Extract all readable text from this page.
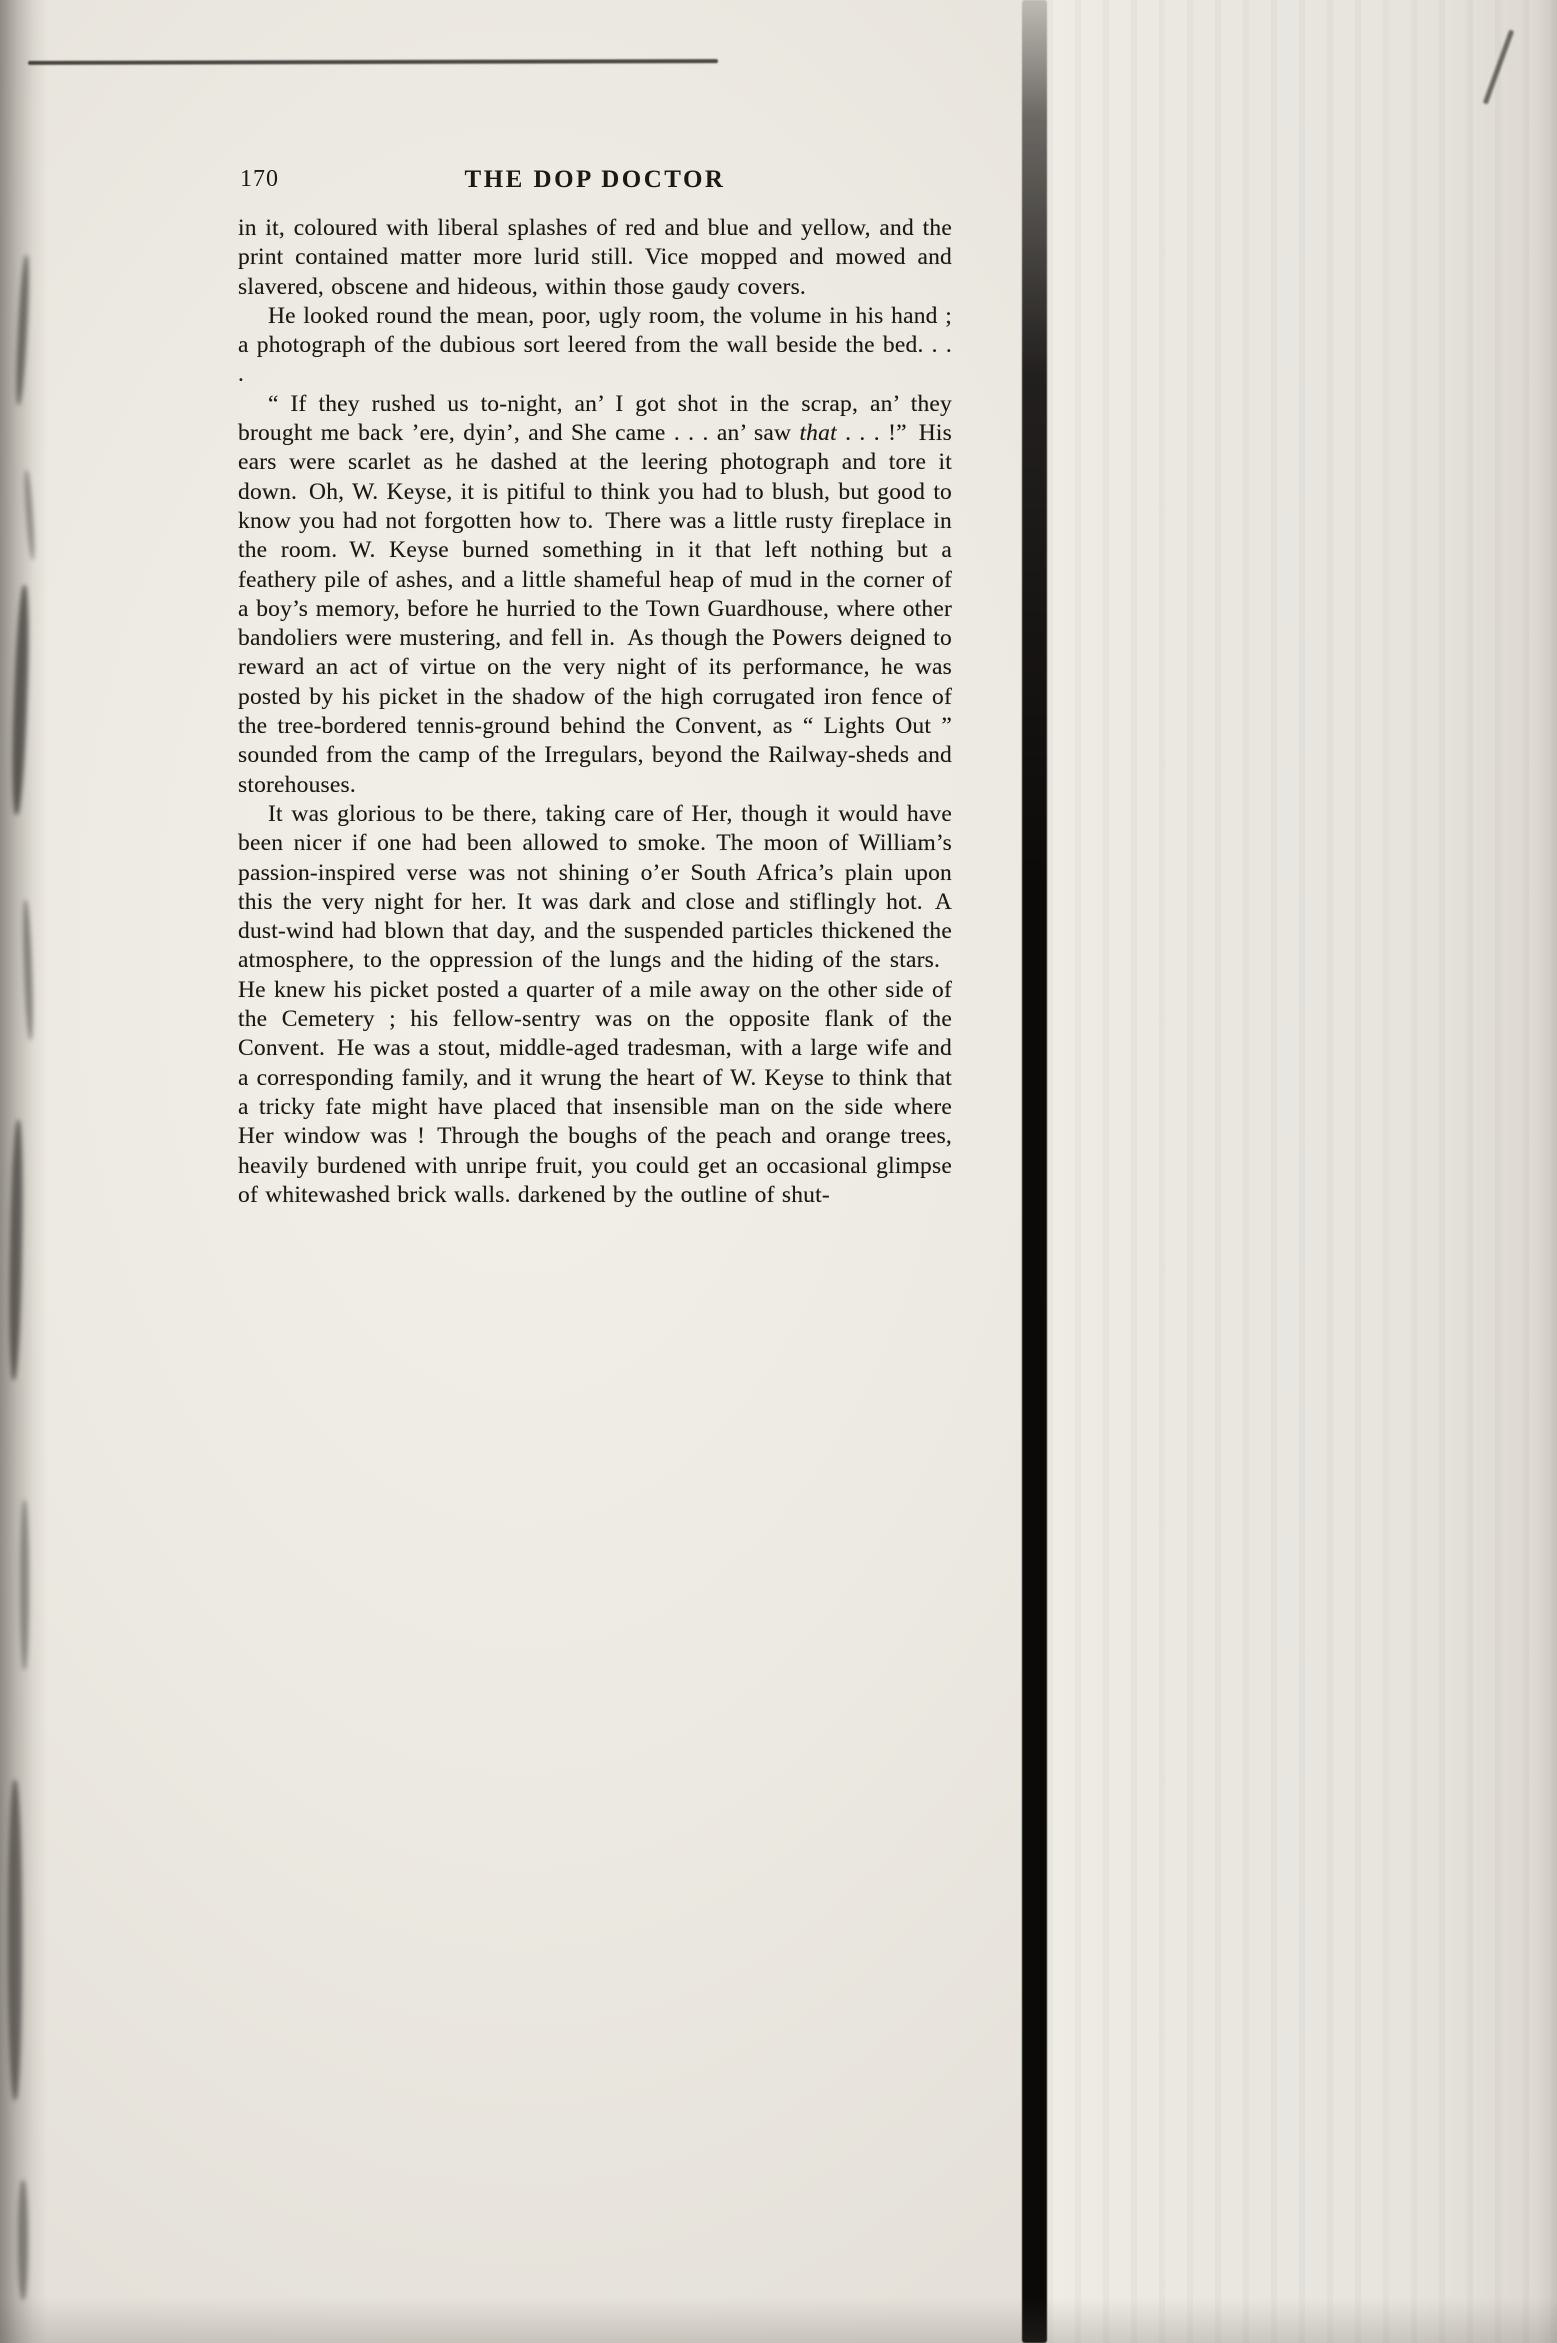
170	THE DOP DOCTOR

in it, coloured with liberal splashes of red and blue and yellow, and the print contained matter more lurid still. Vice mopped and mowed and slavered, obscene and hideous, within those gaudy covers.

He looked round the mean, poor, ugly room, the volume in his hand ; a photograph of the dubious sort leered from the wall beside the bed. . . .

“ If they rushed us to-night, an’ I got shot in the scrap, an’ they brought me back ’ere, dyin’, and She came . . . an’ saw that . . . !” His ears were scarlet as he dashed at the leering photograph and tore it down. Oh, W. Keyse, it is pitiful to think you had to blush, but good to know you had not forgotten how to. There was a little rusty fireplace in the room. W. Keyse burned something in it that left nothing but a feathery pile of ashes, and a little shameful heap of mud in the corner of a boy’s memory, before he hurried to the Town Guardhouse, where other bandoliers were mustering, and fell in. As though the Powers deigned to reward an act of virtue on the very night of its performance, he was posted by his picket in the shadow of the high corrugated iron fence of the tree-bordered tennis-ground behind the Convent, as “ Lights Out ” sounded from the camp of the Irregulars, beyond the Railway-sheds and storehouses.

It was glorious to be there, taking care of Her, though it would have been nicer if one had been allowed to smoke. The moon of William’s passion-inspired verse was not shining o’er South Africa’s plain upon this the very night for her. It was dark and close and stiflingly hot. A dust-wind had blown that day, and the suspended particles thickened the atmosphere, to the oppression of the lungs and the hiding of the stars. He knew his picket posted a quarter of a mile away on the other side of the Cemetery ; his fellow-sentry was on the opposite flank of the Convent. He was a stout, middle-aged tradesman, with a large wife and a corresponding family, and it wrung the heart of W. Keyse to think that a tricky fate might have placed that insensible man on the side where Her window was ! Through the boughs of the peach and orange trees, heavily burdened with unripe fruit, you could get an occasional glimpse of whitewashed brick walls. darkened by the outline of shut-
